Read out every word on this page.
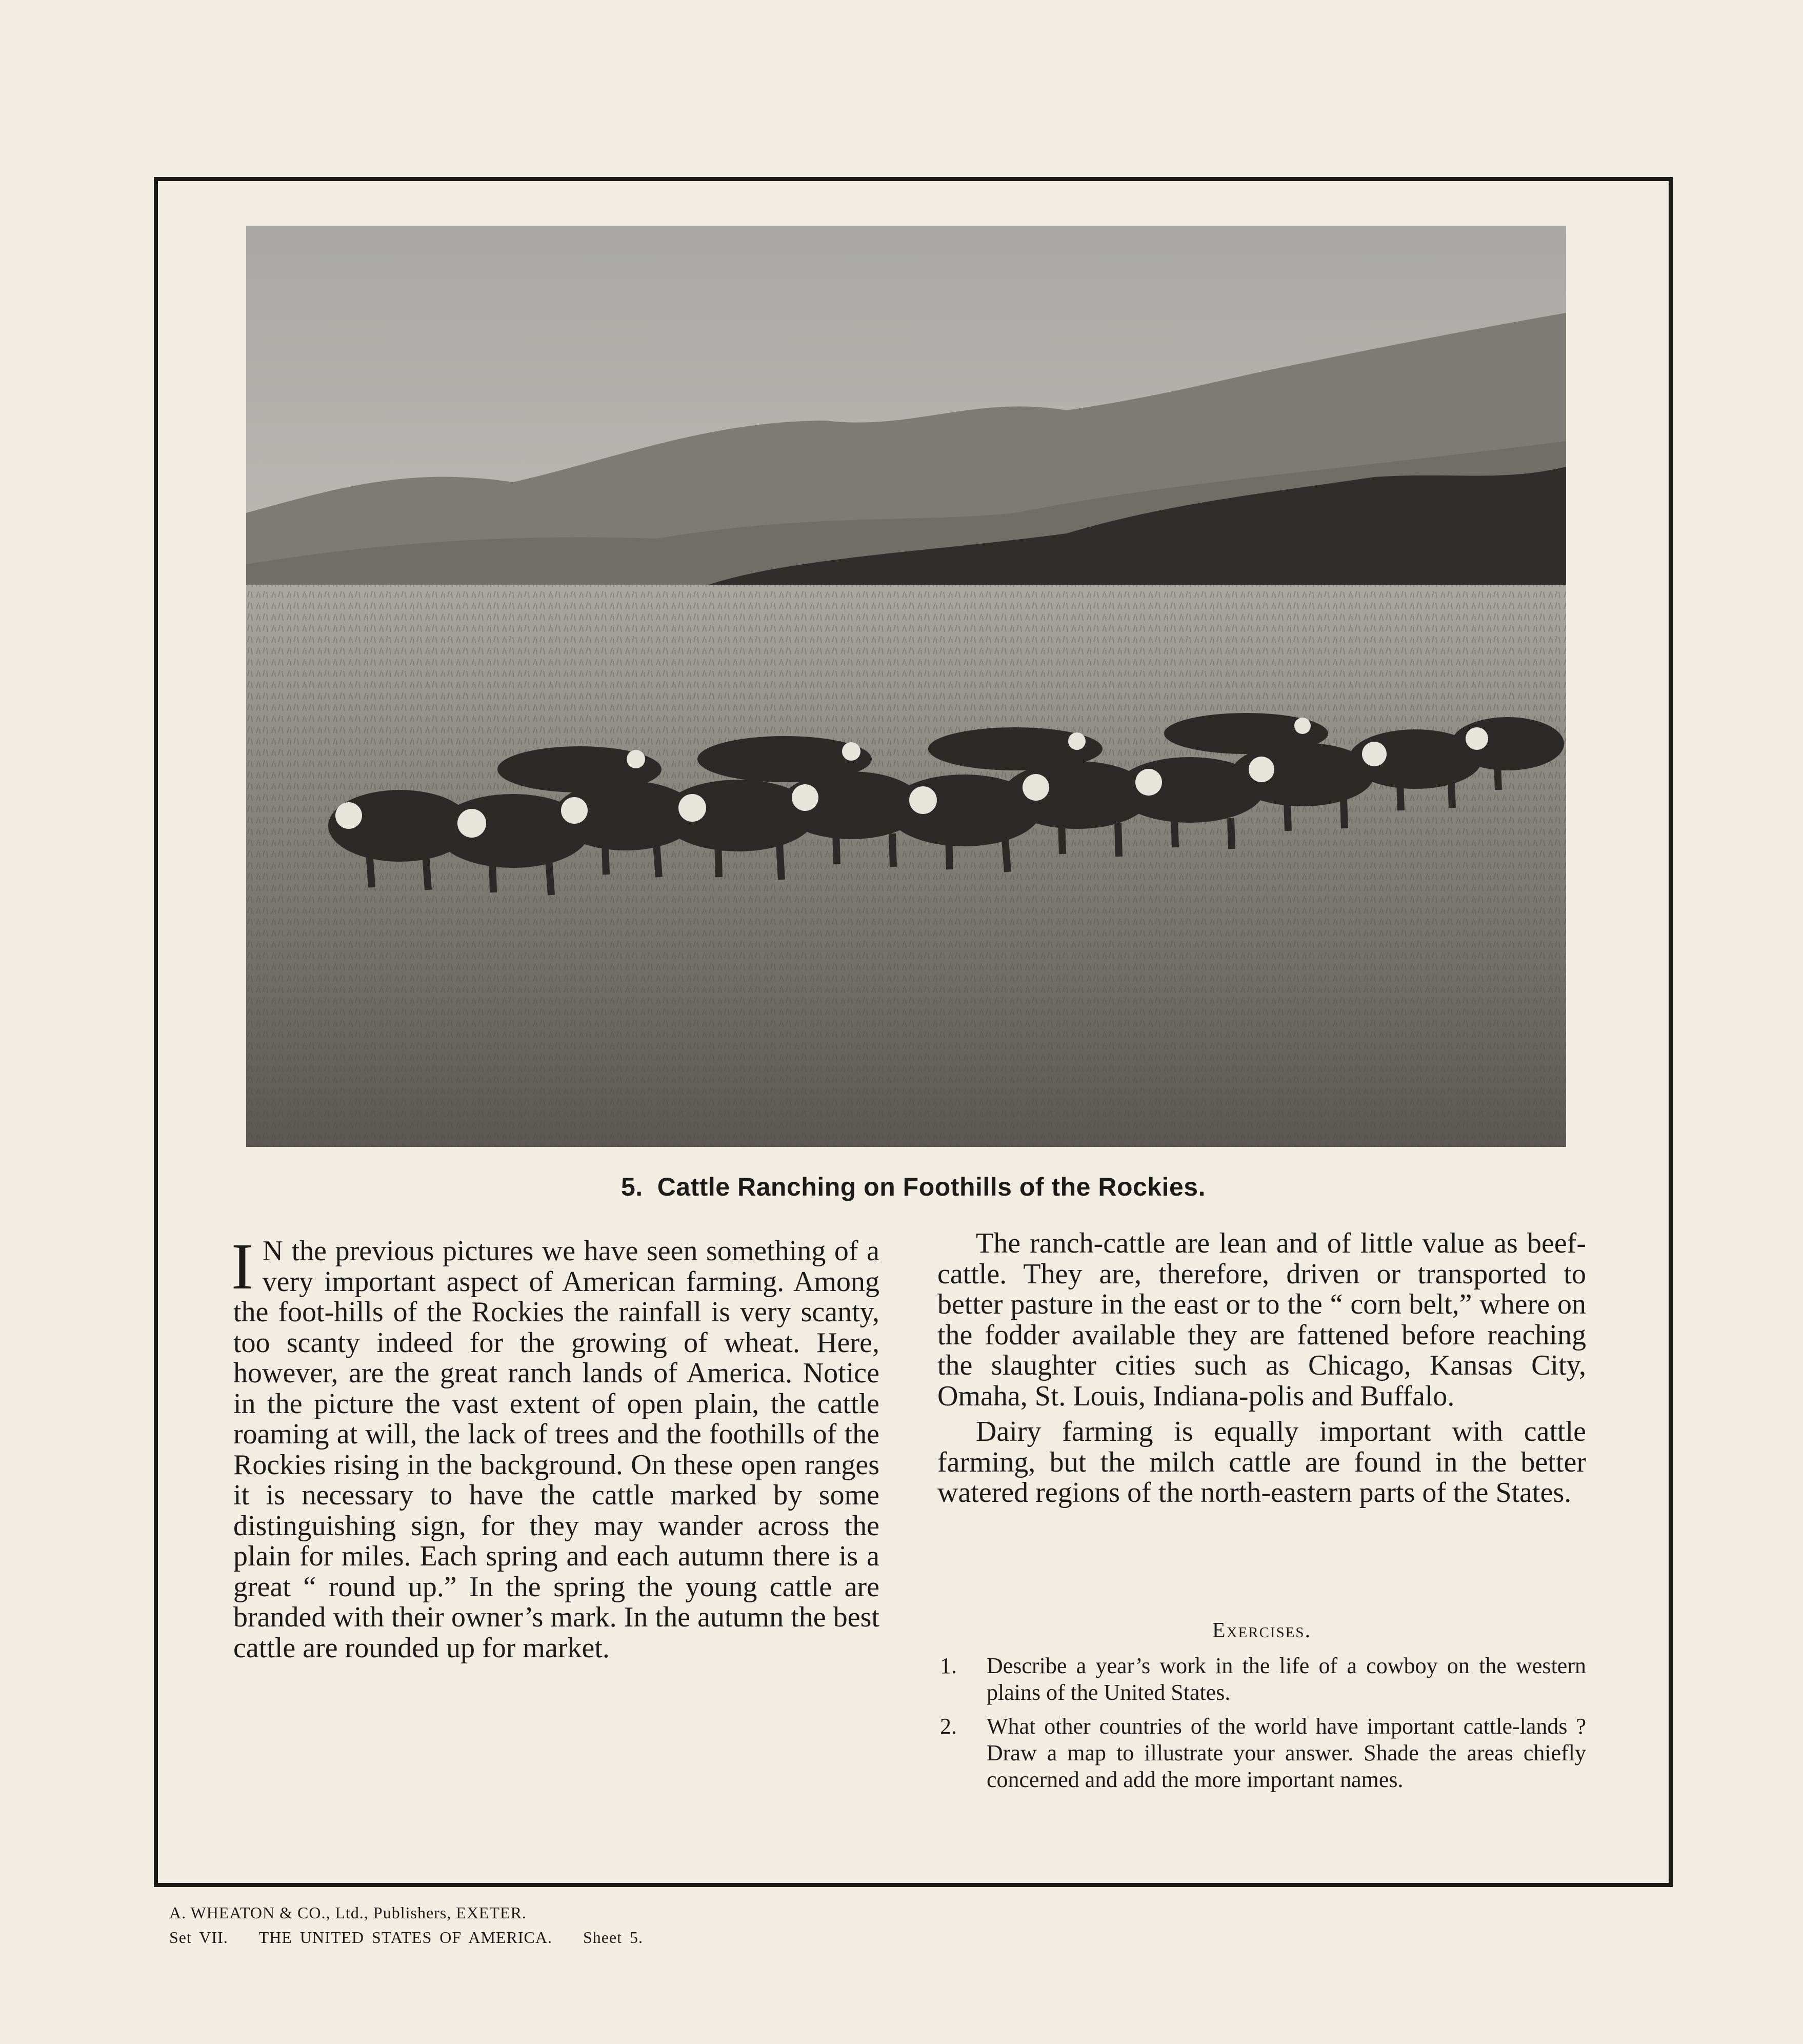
5. Cattle Ranching on Foothills of the Rockies.

I N the previous pictures we have seen something of a very important aspect of American farming. Among the foot-hills of the Rockies the rainfall is very scanty, too scanty indeed for the growing of wheat. Here, however, are the great ranch lands of America. Notice in the picture the vast extent of open plain, the cattle roaming at will, the lack of trees and the foothills of the Rockies rising in the background. On these open ranges it is necessary to have the cattle marked by some distinguishing sign, for they may wander across the plain for miles. Each spring and each autumn there is a great “ round up.” In the spring the young cattle are branded with their owner’s mark. In the autumn the best cattle are rounded up for market.

The ranch-cattle are lean and of little value as beef-cattle. They are, therefore, driven or transported to better pasture in the east or to the “ corn belt,” where on the fodder available they are fattened before reaching the slaughter cities such as Chicago, Kansas City, Omaha, St. Louis, Indiana-polis and Buffalo.

Dairy farming is equally important with cattle farming, but the milch cattle are found in the better watered regions of the north-eastern parts of the States.

Exercises.
1. Describe a year’s work in the life of a cowboy on the western plains of the United States.
2. What other countries of the world have important cattle-lands ? Draw a map to illustrate your answer. Shade the areas chiefly concerned and add the more important names.
A. WHEATON & CO., Ltd., Publishers, EXETER.
Set VII. THE UNITED STATES OF AMERICA. Sheet 5.
